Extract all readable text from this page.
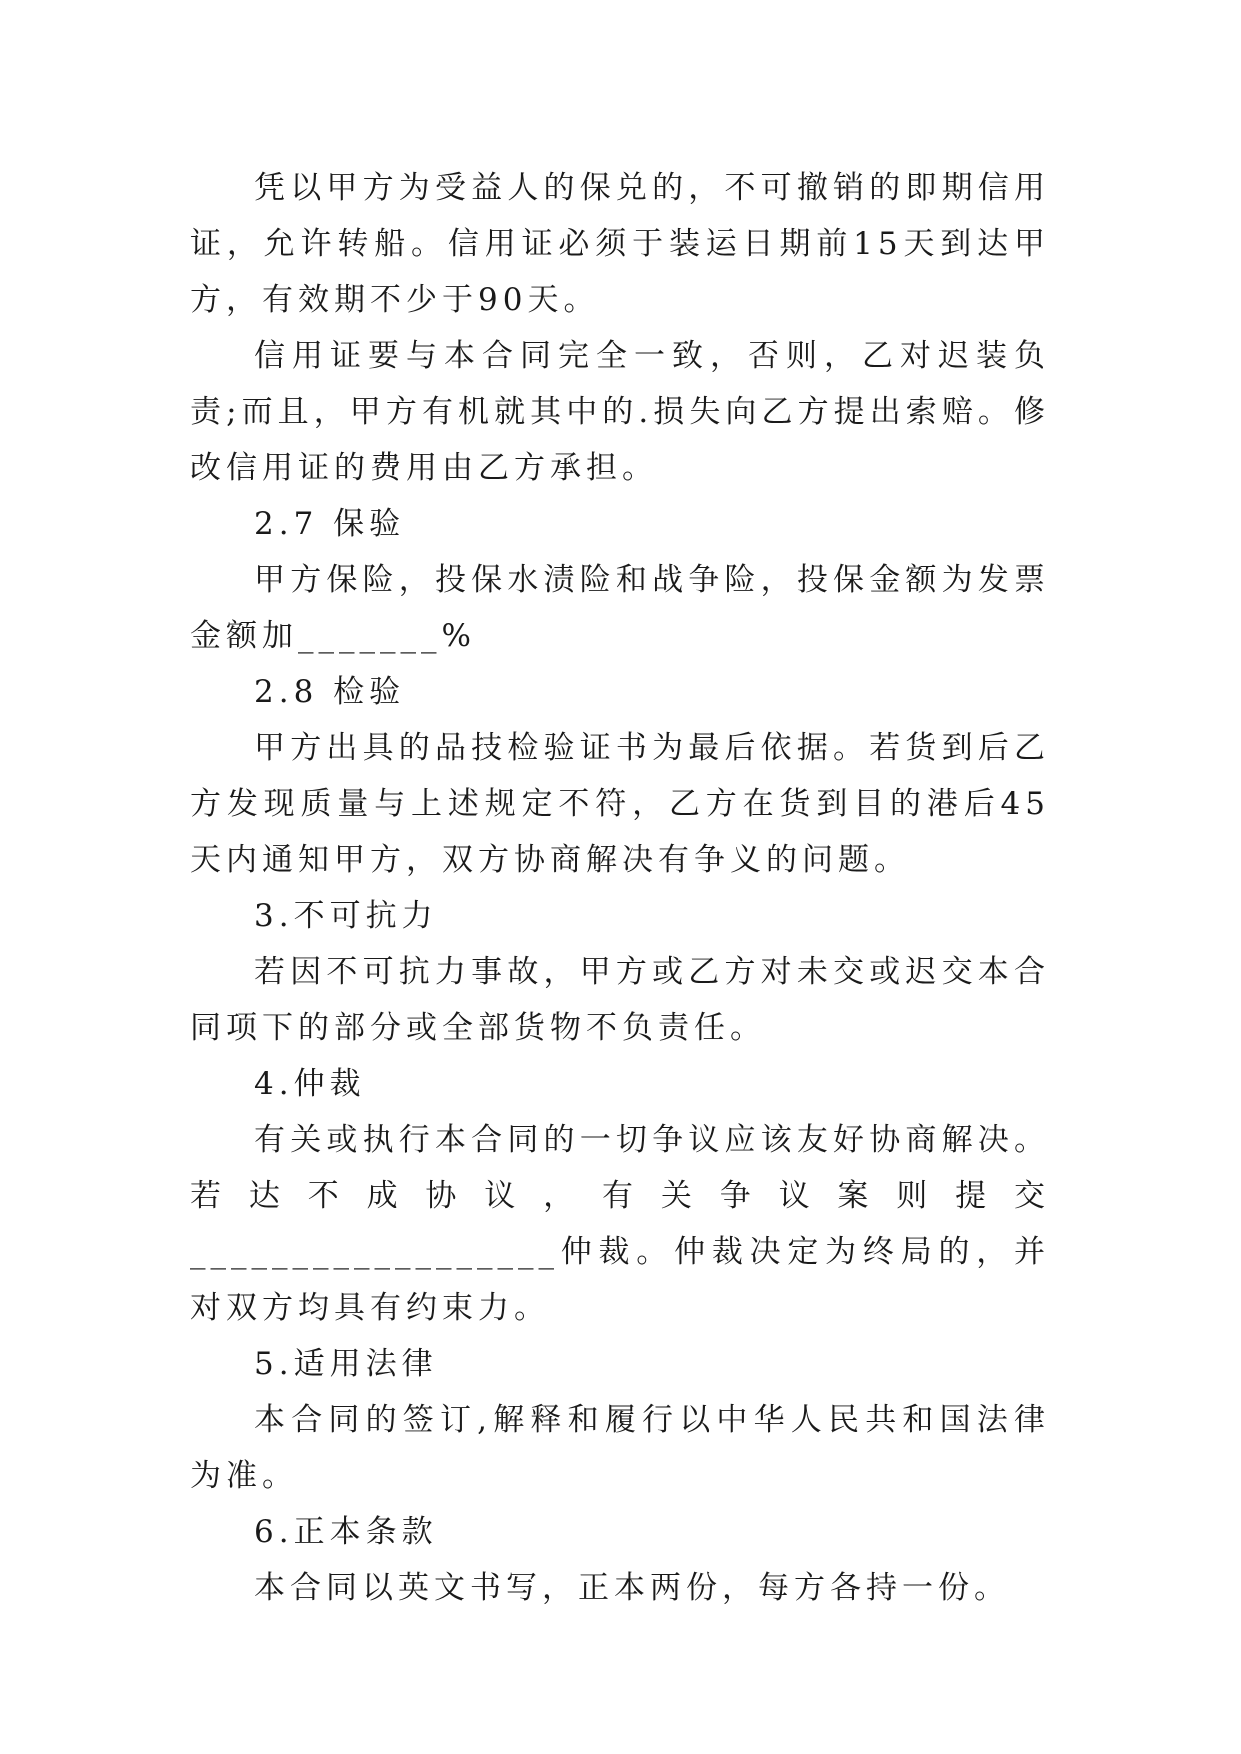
凭以甲方为受益人的保兑的，不可撤销的即期信用证，允许转船。信用证必须于装运日期前15天到达甲方，有效期不少于90天。

信用证要与本合同完全一致，否则，乙对迟装负责;而且，甲方有机就其中的.损失向乙方提出索赔。修改信用证的费用由乙方承担。

2.7 保验

甲方保险，投保水渍险和战争险，投保金额为发票金额加_______%

2.8 检验

甲方出具的品技检验证书为最后依据。若货到后乙方发现质量与上述规定不符，乙方在货到目的港后45天内通知甲方，双方协商解决有争义的问题。

3.不可抗力

若因不可抗力事故，甲方或乙方对未交或迟交本合同项下的部分或全部货物不负责任。

4.仲裁

有关或执行本合同的一切争议应该友好协商解决。若达不成协议，有关争议案则提交__________________仲裁。仲裁决定为终局的，并对双方均具有约束力。

5.适用法律

本合同的签订,解释和履行以中华人民共和国法律为准。

6.正本条款

本合同以英文书写，正本两份，每方各持一份。
